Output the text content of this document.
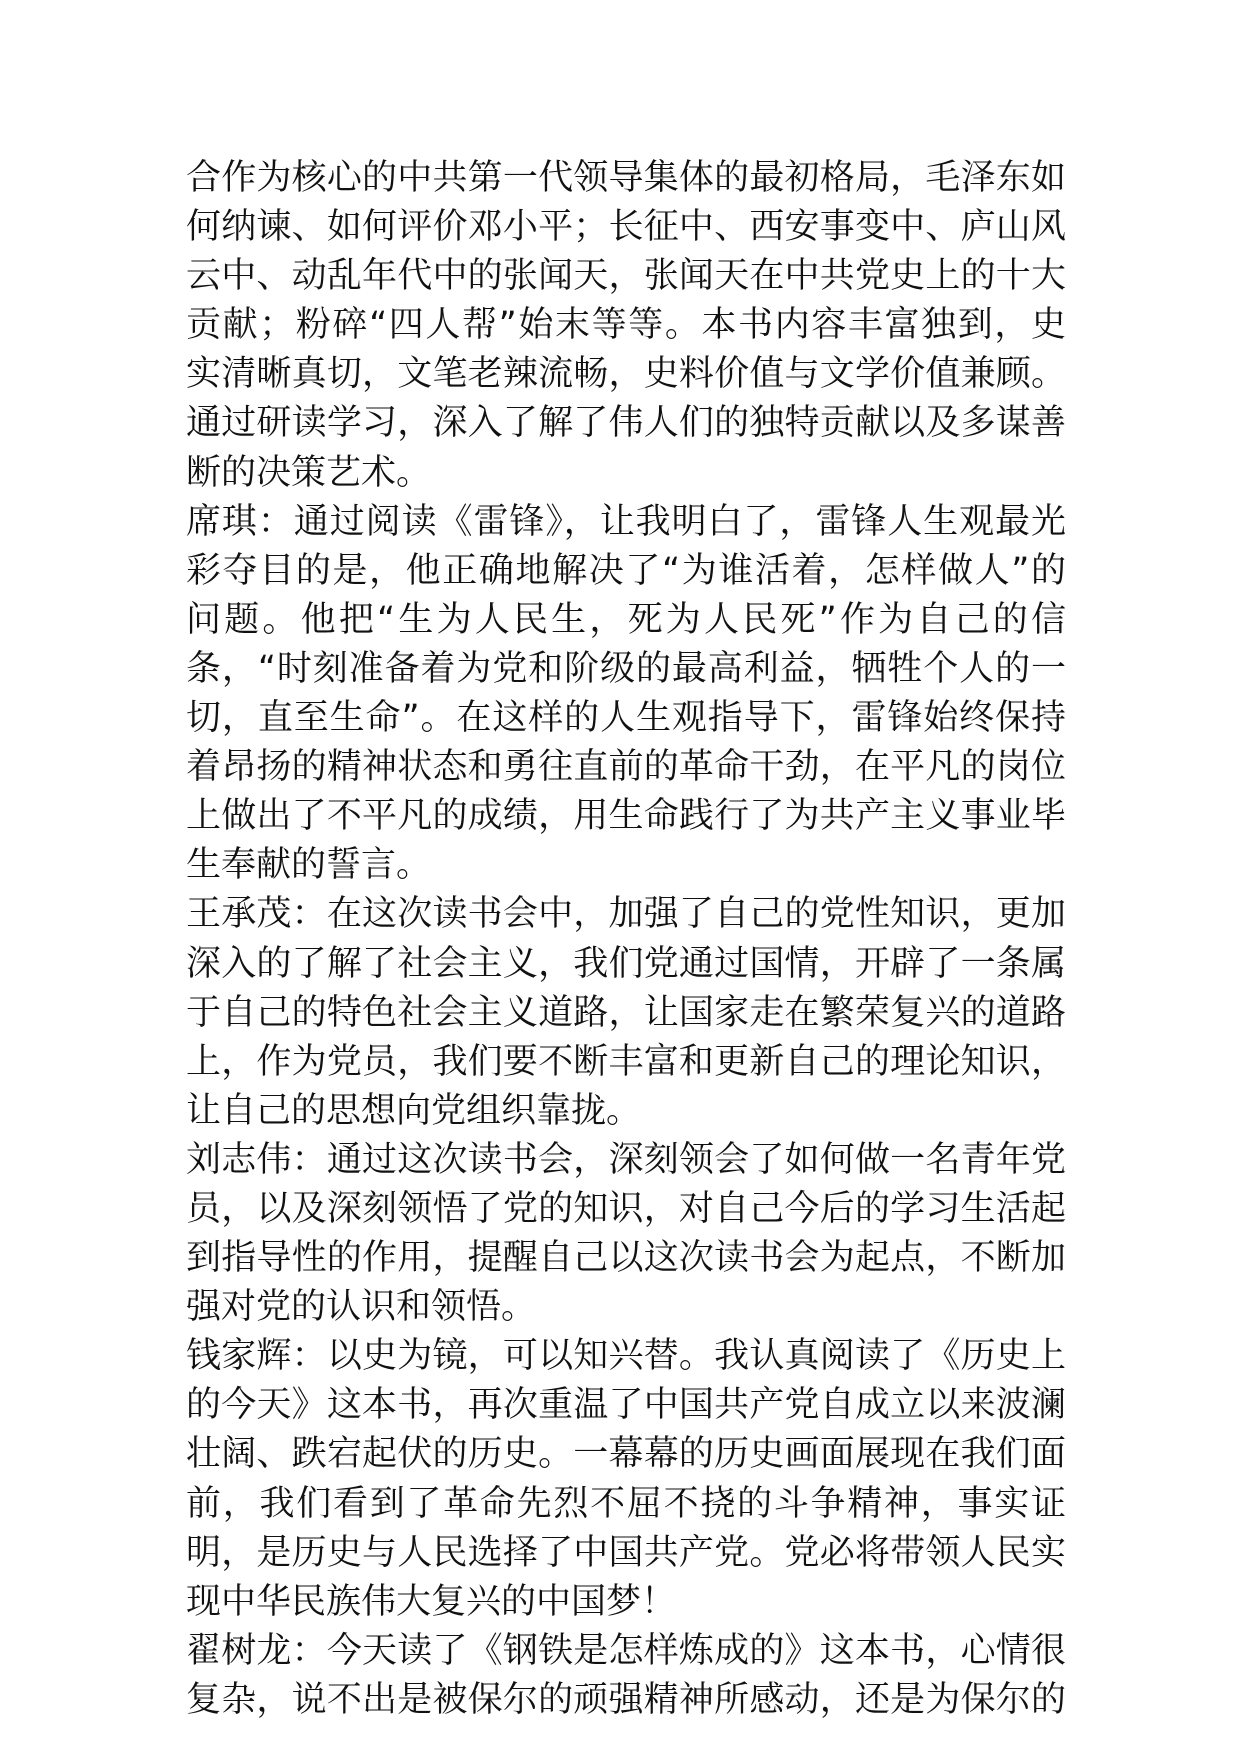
合作为核心的中共第一代领导集体的最初格局，毛泽东如
何纳谏、如何评价邓小平；长征中、西安事变中、庐山风
云中、动乱年代中的张闻天，张闻天在中共党史上的十大
贡献；粉碎“四人帮”始末等等。本书内容丰富独到，史
实清晰真切，文笔老辣流畅，史料价值与文学价值兼顾。
通过研读学习，深入了解了伟人们的独特贡献以及多谋善
断的决策艺术。
席琪：通过阅读《雷锋》，让我明白了，雷锋人生观最光
彩夺目的是，他正确地解决了“为谁活着，怎样做人”的
问题。他把“生为人民生，死为人民死”作为自己的信
条，“时刻准备着为党和阶级的最高利益，牺牲个人的一
切，直至生命”。在这样的人生观指导下，雷锋始终保持
着昂扬的精神状态和勇往直前的革命干劲，在平凡的岗位
上做出了不平凡的成绩，用生命践行了为共产主义事业毕
生奉献的誓言。
王承茂：在这次读书会中，加强了自己的党性知识，更加
深入的了解了社会主义，我们党通过国情，开辟了一条属
于自己的特色社会主义道路，让国家走在繁荣复兴的道路
上，作为党员，我们要不断丰富和更新自己的理论知识，
让自己的思想向党组织靠拢。
刘志伟：通过这次读书会，深刻领会了如何做一名青年党
员，以及深刻领悟了党的知识，对自己今后的学习生活起
到指导性的作用，提醒自己以这次读书会为起点，不断加
强对党的认识和领悟。
钱家辉：以史为镜，可以知兴替。我认真阅读了《历史上
的今天》这本书，再次重温了中国共产党自成立以来波澜
壮阔、跌宕起伏的历史。一幕幕的历史画面展现在我们面
前，我们看到了革命先烈不屈不挠的斗争精神，事实证
明，是历史与人民选择了中国共产党。党必将带领人民实
现中华民族伟大复兴的中国梦！
翟树龙：今天读了《钢铁是怎样炼成的》这本书，心情很
复杂，说不出是被保尔的顽强精神所感动，还是为保尔的
